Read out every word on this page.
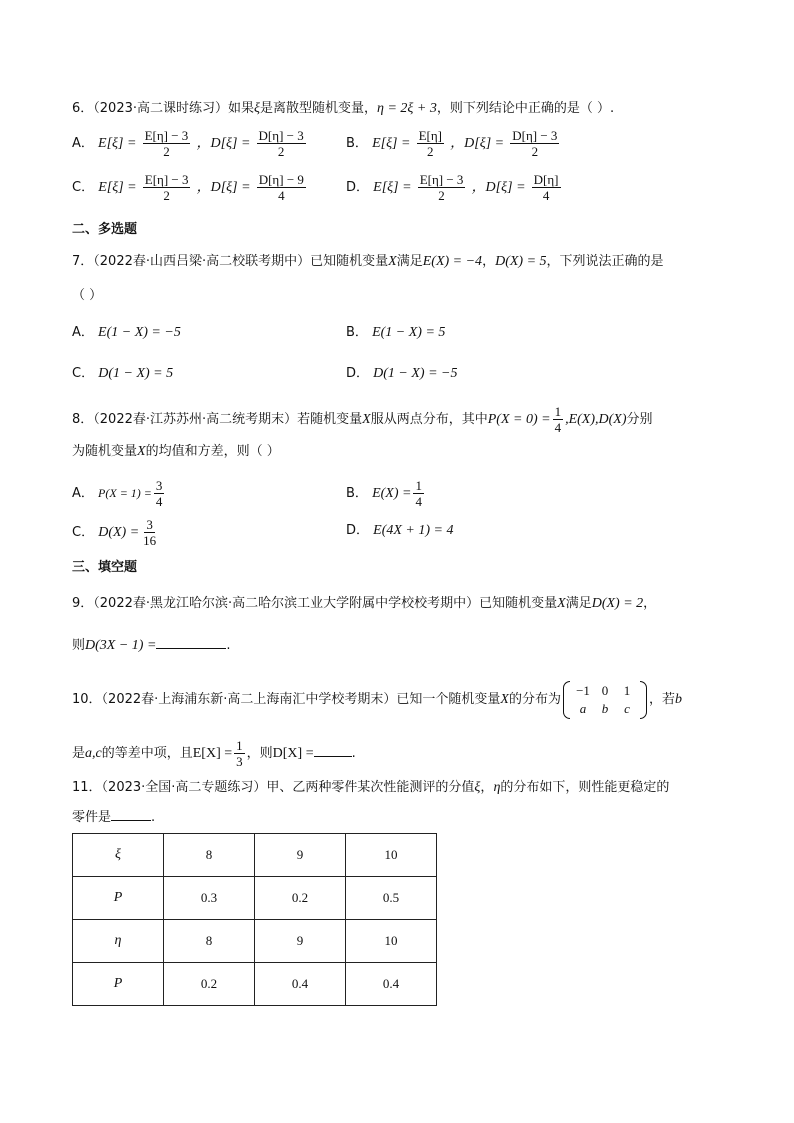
6．（2023·高二课时练习）如果ξ是离散型随机变量，η = 2ξ + 3，则下列结论中正确的是（ ）.
A． $E[\xi] = \frac{E[\eta] - 3}{2}$ ，$D[\xi] = \frac{D[\eta] - 3}{2}$	B． $E[\xi] = \frac{E[\eta]}{2}$ ，$D[\xi] = \frac{D[\eta] - 3}{2}$
C． $E[\xi] = \frac{E[\eta] - 3}{2}$ ，$D[\xi] = \frac{D[\eta] - 9}{4}$	D． $E[\xi] = \frac{E[\eta] - 3}{2}$ ，$D[\xi] = \frac{D[\eta]}{4}$
二、多选题
7．（2022春·山西吕梁·高二校联考期中）已知随机变量X满足E(X) = −4，D(X) = 5，下列说法正确的是
（ ）
A． E(1 − X) = −5	B． E(1 − X) = 5
C． D(1 − X) = 5	D． D(1 − X) = −5
8．（2022春·江苏苏州·高二统考期末）若随机变量X服从两点分布，其中$P(X = 0) = \frac{1}{4} ,E(X),D(X)$分别
为随机变量X的均值和方差，则（ ）
A． $P(X = 1) = \frac{3}{4}$	B． $E(X) = \frac{1}{4}$
C． $D(X) = \frac{3}{16}$	D． E(4X + 1) = 4
三、填空题
9．（2022春·黑龙江哈尔滨·高二哈尔滨工业大学附属中学校校考期中）已知随机变量X满足D(X) = 2，
则D(3X − 1) =	.
10．（2022春·上海浦东新·高二上海南汇中学校考期末）已知一个随机变量X的分布为
−1 0	1
a	b	c
，若b
是a,c的等差中项，且$E[X] = \frac{1}{3}$ ，则D[X] =	.
11．（2023·全国·高二专题练习）甲、乙两种零件某次性能测评的分值ξ，η的分布如下，则性能更稳定的
零件是	.
ξ	8	9	10
P	0.3	0.2	0.5
η	8	9	10
P	0.2	0.4	0.4
